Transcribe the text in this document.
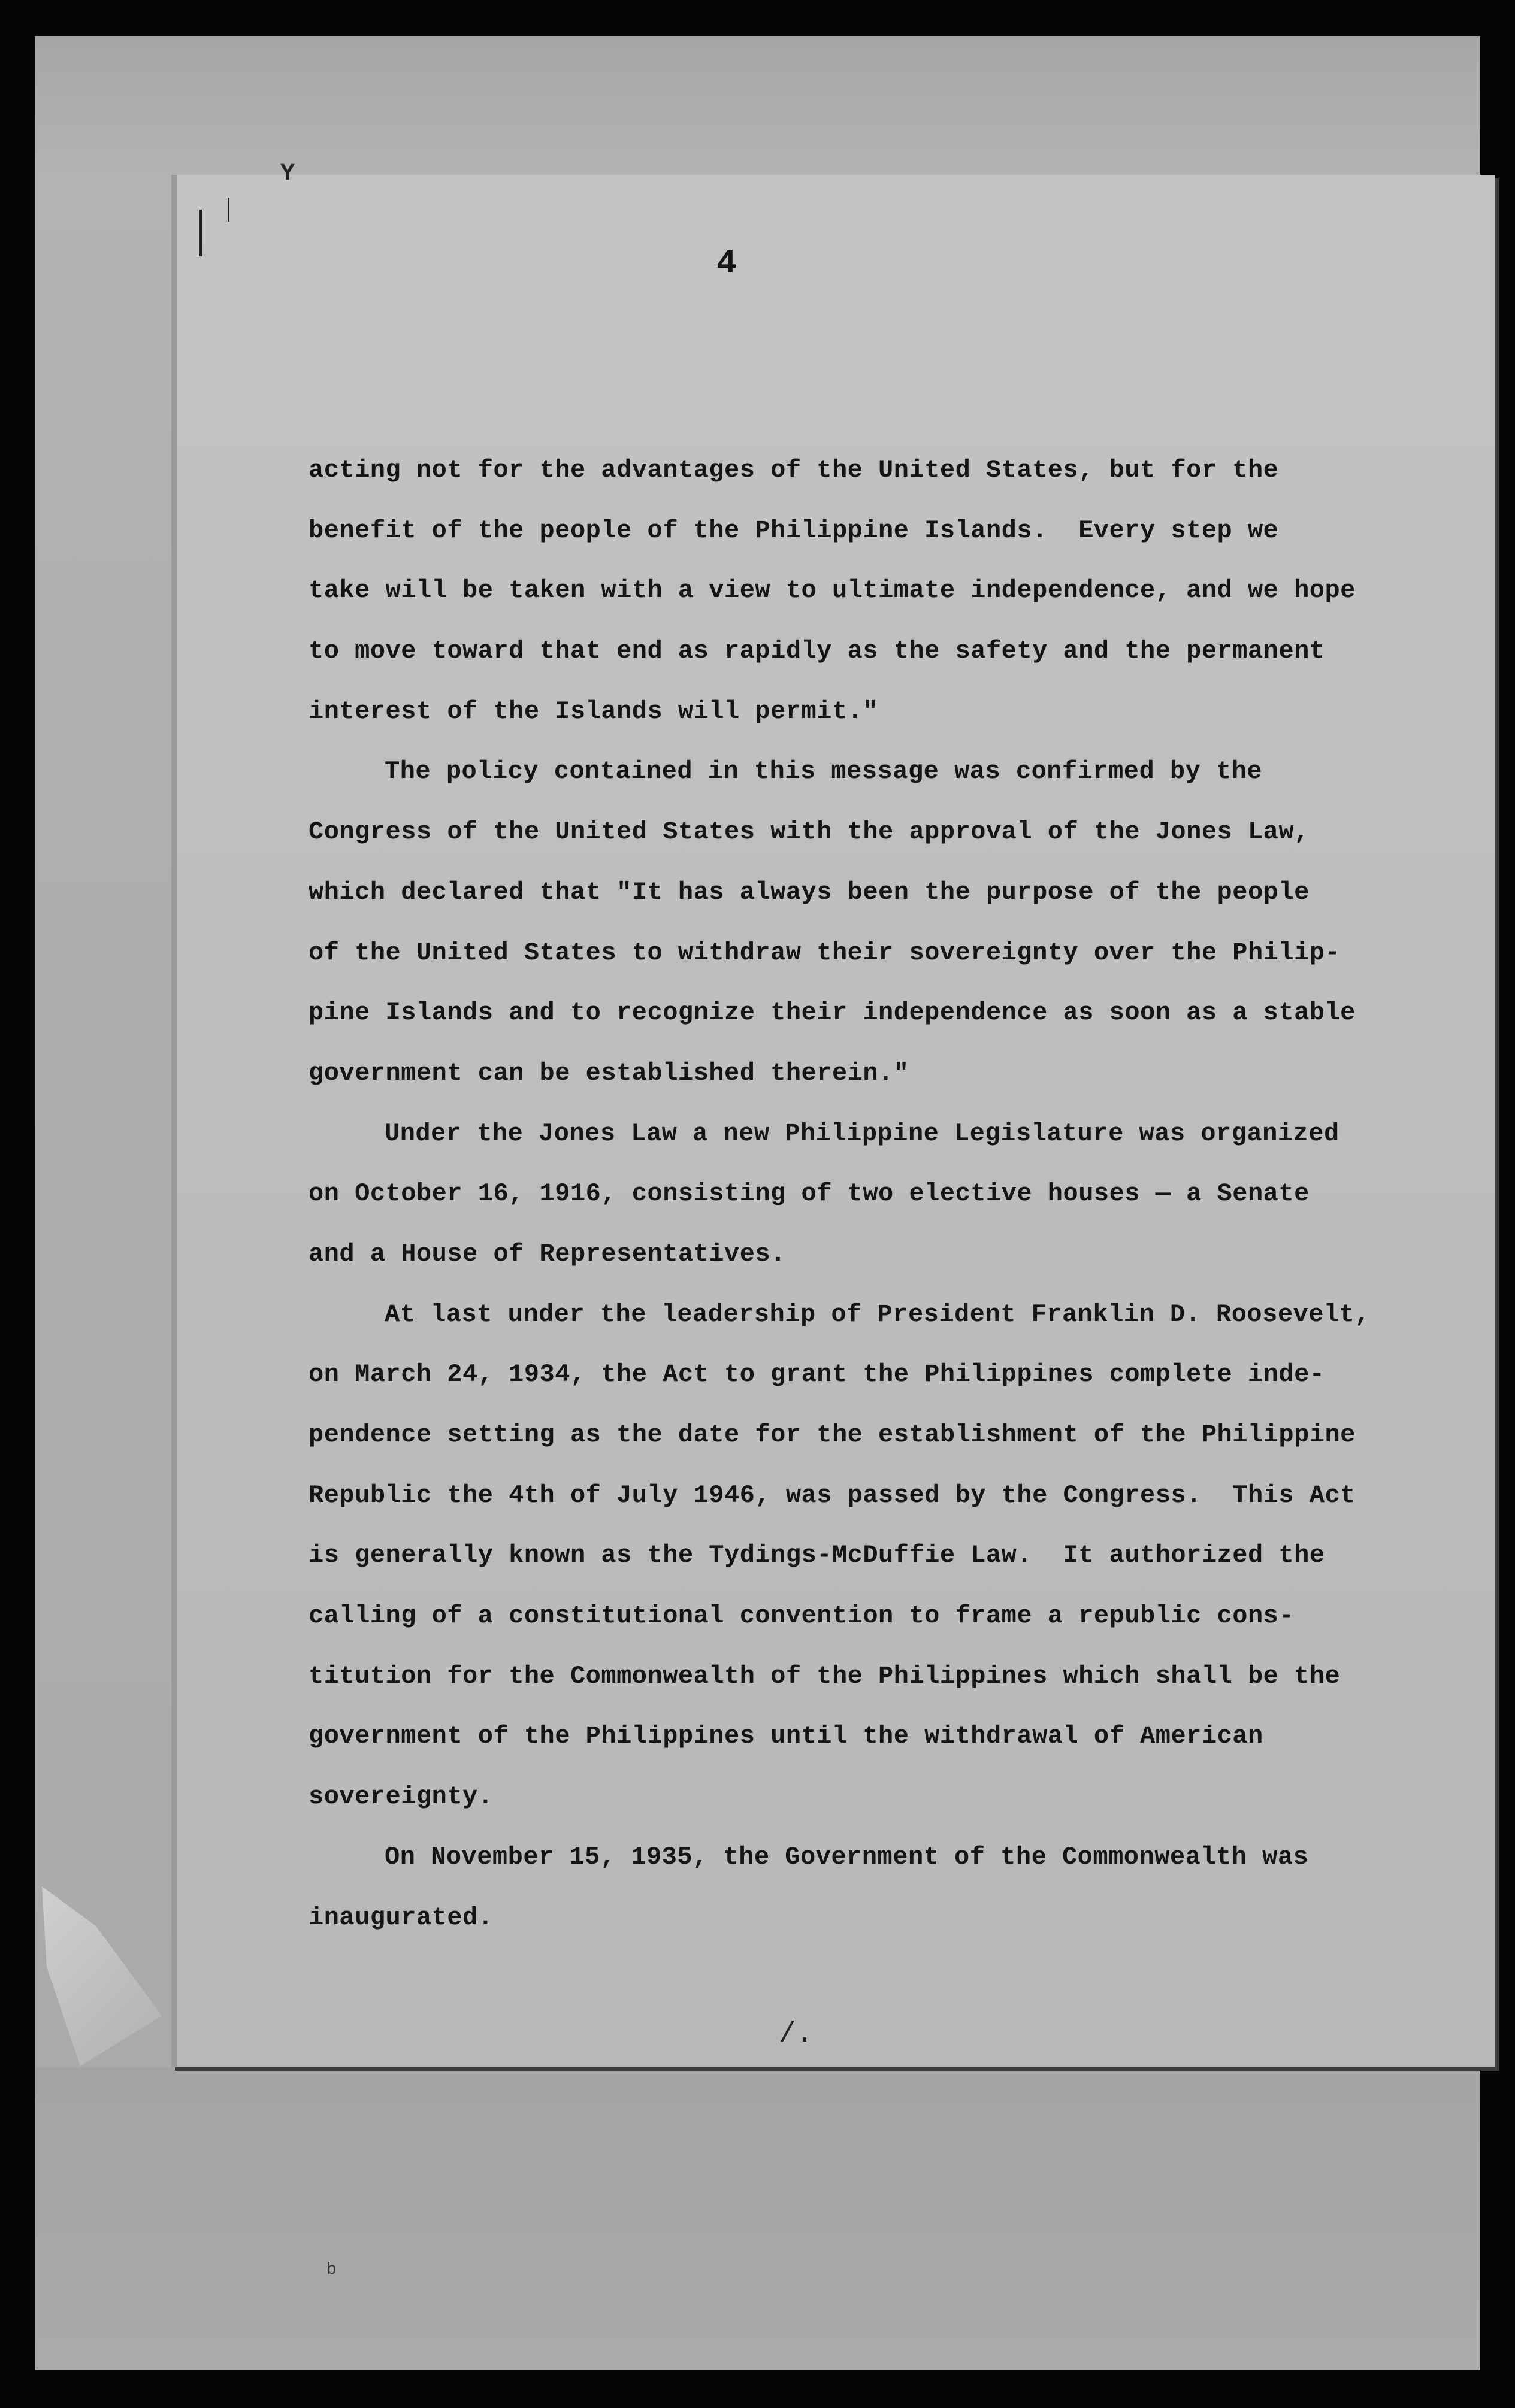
Y
4
acting not for the advantages of the United States, but for the
benefit of the people of the Philippine Islands.  Every step we
take will be taken with a view to ultimate independence, and we hope
to move toward that end as rapidly as the safety and the permanent
interest of the Islands will permit."
The policy contained in this message was confirmed by the
Congress of the United States with the approval of the Jones Law,
which declared that "It has always been the purpose of the people
of the United States to withdraw their sovereignty over the Philip-
pine Islands and to recognize their independence as soon as a stable
government can be established therein."
Under the Jones Law a new Philippine Legislature was organized
on October 16, 1916, consisting of two elective houses — a Senate
and a House of Representatives.
At last under the leadership of President Franklin D. Roosevelt,
on March 24, 1934, the Act to grant the Philippines complete inde-
pendence setting as the date for the establishment of the Philippine
Republic the 4th of July 1946, was passed by the Congress.  This Act
is generally known as the Tydings-McDuffie Law.  It authorized the
calling of a constitutional convention to frame a republic cons-
titution for the Commonwealth of the Philippines which shall be the
government of the Philippines until the withdrawal of American
sovereignty.
On November 15, 1935, the Government of the Commonwealth was
inaugurated.
/.
b
